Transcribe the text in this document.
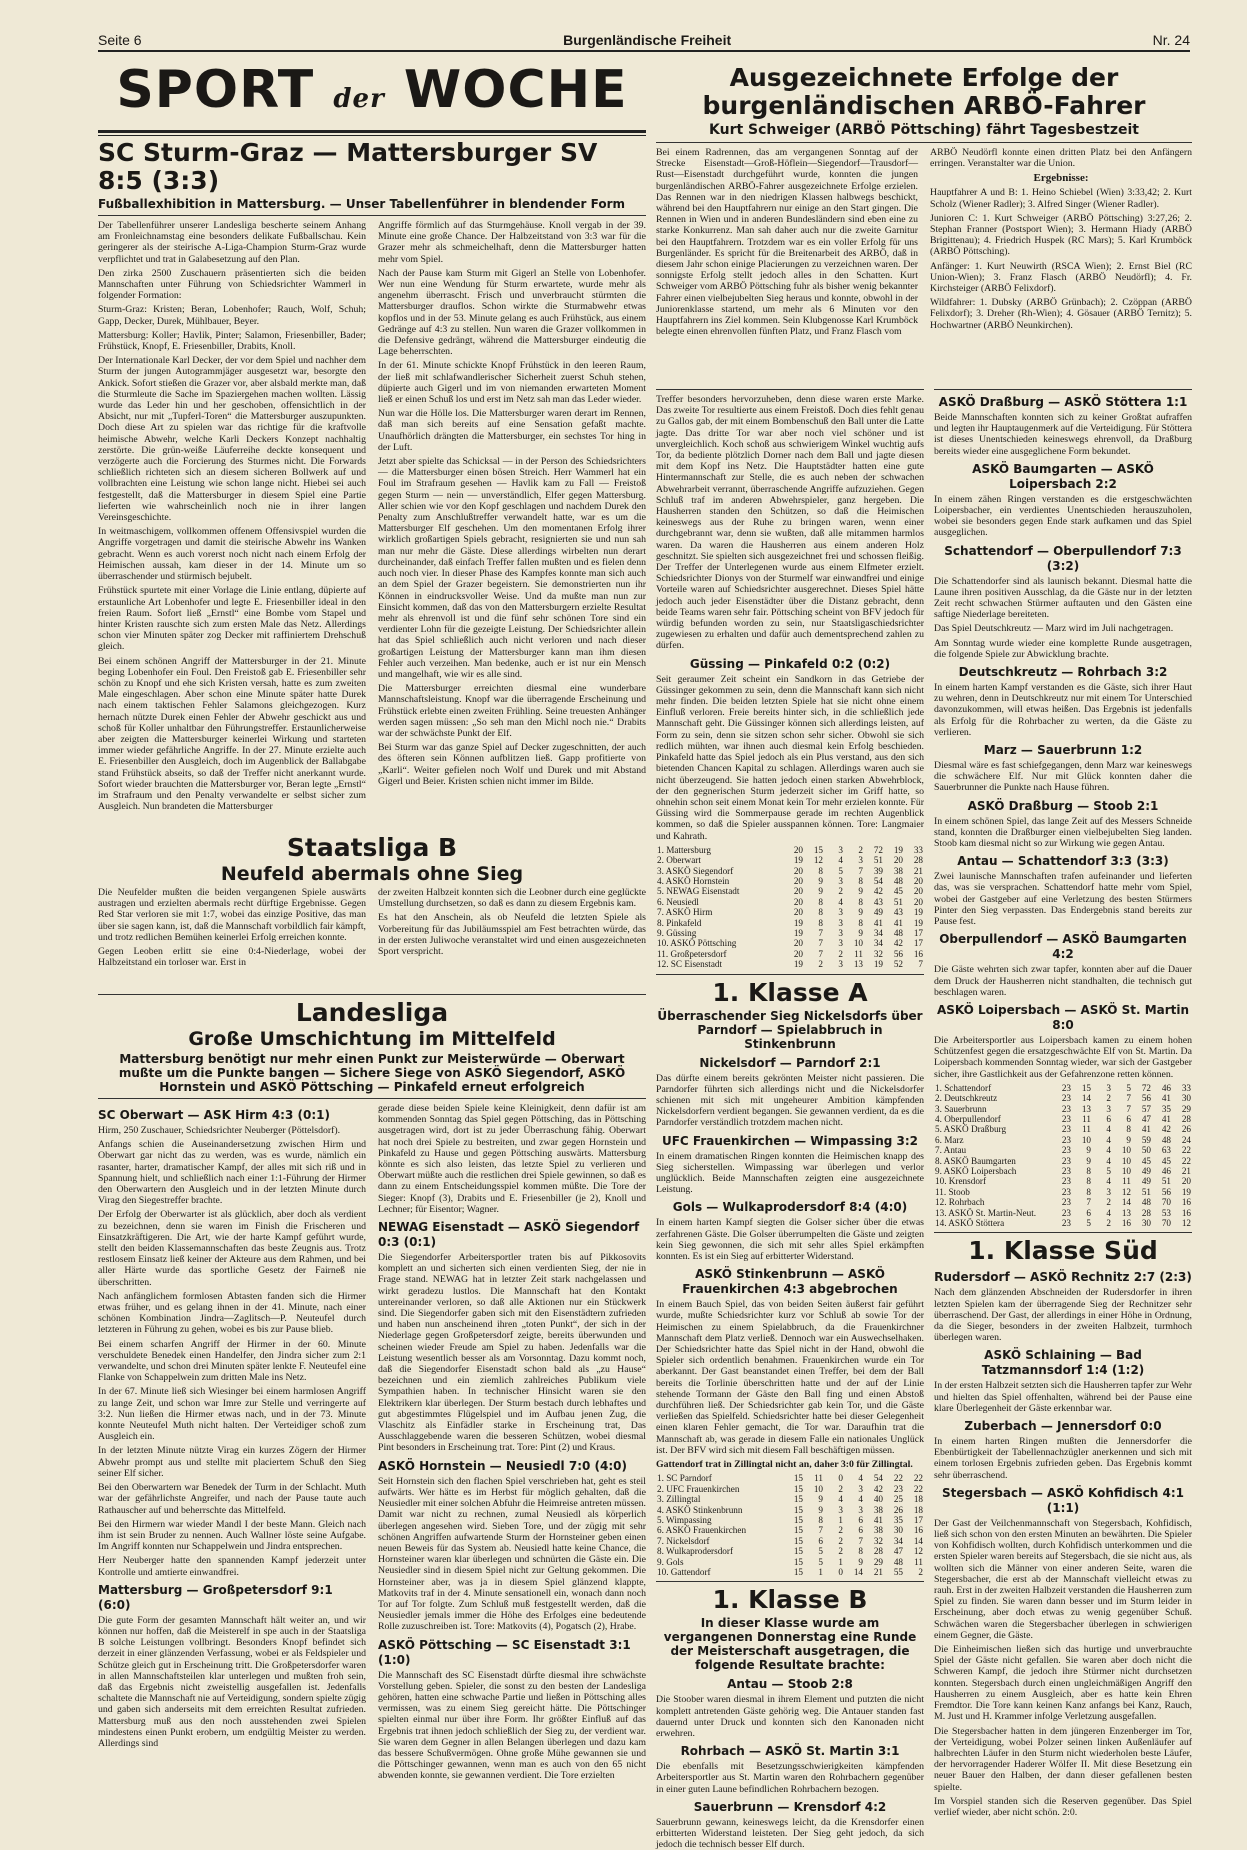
Seite 6	Burgenländische Freiheit	Nr. 24
SPORT der WOCHE
SC Sturm-Graz — Mattersburger SV 8:5 (3:3)
Fußballexhibition in Mattersburg. — Unser Tabellenführer in blendender Form

Der Tabellenführer unserer Landesliga bescherte seinem Anhang am Fronleichnamstag eine besonders delikate Fußballschau. Kein geringerer als der steirische A-Liga-Champion Sturm-Graz wurde verpflichtet und trat in Galabesetzung auf den Plan.

Den zirka 2500 Zuschauern präsentierten sich die beiden Mannschaften unter Führung von Schiedsrichter Wammerl in folgender Formation:

Sturm-Graz: Kristen; Beran, Lobenhofer; Rauch, Wolf, Schuh; Gapp, Decker, Durek, Mühlbauer, Beyer.

Mattersburg: Koller; Havlik, Pinter; Salamon, Friesenbiller, Bader; Frühstück, Knopf, E. Friesenbiller, Drabits, Knoll.

Der Internationale Karl Decker, der vor dem Spiel und nachher dem Sturm der jungen Autogrammjäger ausgesetzt war, besorgte den Ankick. Sofort stießen die Grazer vor, aber alsbald merkte man, daß die Sturmleute die Sache im Spaziergehen machen wollten. Lässig wurde das Leder hin und her geschoben, offensichtlich in der Absicht, nur mit „Tupferl-Toren“ die Mattersburger auszupunkten. Doch diese Art zu spielen war das richtige für die kraftvolle heimische Abwehr, welche Karli Deckers Konzept nachhaltig zerstörte. Die grün-weiße Läuferreihe deckte konsequent und verzögerte auch die Forcierung des Sturmes nicht. Die Forwards schließlich richteten sich an diesem sicheren Bollwerk auf und vollbrachten eine Leistung wie schon lange nicht. Hiebei sei auch festgestellt, daß die Mattersburger in diesem Spiel eine Partie lieferten wie wahrscheinlich noch nie in ihrer langen Vereinsgeschichte.

In weitmaschigem, vollkommen offenem Offensivspiel wurden die Angriffe vorgetragen und damit die steirische Abwehr ins Wanken gebracht. Wenn es auch vorerst noch nicht nach einem Erfolg der Heimischen aussah, kam dieser in der 14. Minute um so überraschender und stürmisch bejubelt.

Frühstück spurtete mit einer Vorlage die Linie entlang, düpierte auf erstaunliche Art Lobenhofer und legte E. Friesenbiller ideal in den freien Raum. Sofort ließ „Ernstl“ eine Bombe vom Stapel und hinter Kristen rauschte sich zum ersten Male das Netz. Allerdings schon vier Minuten später zog Decker mit raffiniertem Drehschuß gleich.

Bei einem schönen Angriff der Mattersburger in der 21. Minute beging Lobenhofer ein Foul. Den Freistoß gab E. Friesenbiller sehr schön zu Knopf und ehe sich Kristen versah, hatte es zum zweiten Male eingeschlagen. Aber schon eine Minute später hatte Durek nach einem taktischen Fehler Salamons gleichgezogen. Kurz hernach nützte Durek einen Fehler der Abwehr geschickt aus und schoß für Koller unhaltbar den Führungstreffer. Erstaunlicherweise aber zeigten die Mattersburger keinerlei Wirkung und starteten immer wieder gefährliche Angriffe. In der 27. Minute erzielte auch E. Friesenbiller den Ausgleich, doch im Augenblick der Ballabgabe stand Frühstück abseits, so daß der Treffer nicht anerkannt wurde. Sofort wieder brauchten die Mattersburger vor, Beran legte „Ernstl“ im Strafraum und den Penalty verwandelte er selbst sicher zum Ausgleich. Nun brandeten die Mattersburger

Angriffe förmlich auf das Sturmgehäuse. Knoll vergab in der 39. Minute eine große Chance. Der Halbzeitstand von 3:3 war für die Grazer mehr als schmeichelhaft, denn die Mattersburger hatten mehr vom Spiel.

Nach der Pause kam Sturm mit Gigerl an Stelle von Lobenhofer. Wer nun eine Wendung für Sturm erwartete, wurde mehr als angenehm überrascht. Frisch und unverbraucht stürmten die Mattersburger drauflos. Schon wirkte die Sturmabwehr etwas kopflos und in der 53. Minute gelang es auch Frühstück, aus einem Gedränge auf 4:3 zu stellen. Nun waren die Grazer vollkommen in die Defensive gedrängt, während die Mattersburger eindeutig die Lage beherrschten.

In der 61. Minute schickte Knopf Frühstück in den leeren Raum, der ließ mit schlafwandlerischer Sicherheit zuerst Schuh stehen, düpierte auch Gigerl und im von niemanden erwarteten Moment ließ er einen Schuß los und erst im Netz sah man das Leder wieder.

Nun war die Hölle los. Die Mattersburger waren derart im Rennen, daß man sich bereits auf eine Sensation gefaßt machte. Unaufhörlich drängten die Mattersburger, ein sechstes Tor hing in der Luft.

Jetzt aber spielte das Schicksal — in der Person des Schiedsrichters — die Mattersburger einen bösen Streich. Herr Wammerl hat ein Foul im Strafraum gesehen — Havlik kam zu Fall — Freistoß gegen Sturm — nein — unverständlich, Elfer gegen Mattersburg. Aller schien wie vor den Kopf geschlagen und nachdem Durek den Penalty zum Anschlußtreffer verwandelt hatte, war es um die Mattersburger Elf geschehen. Um den momentanen Erfolg ihrer wirklich großartigen Spiels gebracht, resignierten sie und nun sah man nur mehr die Gäste. Diese allerdings wirbelten nun derart durcheinander, daß einfach Treffer fallen mußten und es fielen denn auch noch vier. In dieser Phase des Kampfes konnte man sich auch an dem Spiel der Grazer begeistern. Sie demonstrierten nun ihr Können in eindrucksvoller Weise. Und da mußte man nun zur Einsicht kommen, daß das von den Mattersburgern erzielte Resultat mehr als ehrenvoll ist und die fünf sehr schönen Tore sind ein verdienter Lohn für die gezeigte Leistung. Der Schiedsrichter allein hat das Spiel schließlich auch nicht verloren und nach dieser großartigen Leistung der Mattersburger kann man ihm diesen Fehler auch verzeihen. Man bedenke, auch er ist nur ein Mensch und mangelhaft, wie wir es alle sind.

Die Mattersburger erreichten diesmal eine wunderbare Mannschaftsleistung. Knopf war die überragende Erscheinung und Frühstück erlebte einen zweiten Frühling. Seine treuesten Anhänger werden sagen müssen: „So seh man den Michl noch nie.“ Drabits war der schwächste Punkt der Elf.

Bei Sturm war das ganze Spiel auf Decker zugeschnitten, der auch des öfteren sein Können aufblitzen ließ. Gapp profitierte von „Karli“. Weiter gefielen noch Wolf und Durek und mit Abstand Gigerl und Beier. Kristen schien nicht immer im Bilde.

Staatsliga B
Neufeld abermals ohne Sieg

Die Neufelder mußten die beiden vergangenen Spiele auswärts austragen und erzielten abermals recht dürftige Ergebnisse. Gegen Red Star verloren sie mit 1:7, wobei das einzige Positive, das man über sie sagen kann, ist, daß die Mannschaft vorbildlich fair kämpft, und trotz redlichen Bemühen keinerlei Erfolg erreichen konnte.

Gegen Leoben erlitt sie eine 0:4-Niederlage, wobei der Halbzeitstand ein torloser war. Erst in

der zweiten Halbzeit konnten sich die Leobner durch eine geglückte Umstellung durchsetzen, so daß es dann zu diesem Ergebnis kam.

Es hat den Anschein, als ob Neufeld die letzten Spiele als Vorbereitung für das Jubiläumsspiel am Fest betrachten würde, das in der ersten Juliwoche veranstaltet wird und einen ausgezeichneten Sport verspricht.

Landesliga
Große Umschichtung im Mittelfeld
Mattersburg benötigt nur mehr einen Punkt zur Meisterwürde — Oberwart mußte um die Punkte bangen — Sichere Siege von ASKÖ Siegendorf, ASKÖ Hornstein und ASKÖ Pöttsching — Pinkafeld erneut erfolgreich
SC Oberwart — ASK Hirm 4:3 (0:1)

Hirm, 250 Zuschauer, Schiedsrichter Neuberger (Pöttelsdorf).

Anfangs schien die Auseinandersetzung zwischen Hirm und Oberwart gar nicht das zu werden, was es wurde, nämlich ein rasanter, harter, dramatischer Kampf, der alles mit sich riß und in Spannung hielt, und schließlich nach einer 1:1-Führung der Hirmer den Oberwartern den Ausgleich und in der letzten Minute durch Virag den Siegestreffer brachte.

Der Erfolg der Oberwarter ist als glücklich, aber doch als verdient zu bezeichnen, denn sie waren im Finish die Frischeren und Einsatzkräftigeren. Die Art, wie der harte Kampf geführt wurde, stellt den beiden Klassemannschaften das beste Zeugnis aus. Trotz restlosem Einsatz ließ keiner der Akteure aus dem Rahmen, und bei aller Härte wurde das sportliche Gesetz der Fairneß nie überschritten.

Nach anfänglichem formlosen Abtasten fanden sich die Hirmer etwas früher, und es gelang ihnen in der 41. Minute, nach einer schönen Kombination Jindra—Zaglitsch—P. Neuteufel durch letzteren in Führung zu gehen, wobei es bis zur Pause blieb.

Bei einem scharfen Angriff der Hirmer in der 60. Minute verschuldete Benedek einen Handelfer, den Jindra sicher zum 2:1 verwandelte, und schon drei Minuten später lenkte F. Neuteufel eine Flanke von Schappelwein zum dritten Male ins Netz.

In der 67. Minute ließ sich Wiesinger bei einem harmlosen Angriff zu lange Zeit, und schon war Imre zur Stelle und verringerte auf 3:2. Nun ließen die Hirmer etwas nach, und in der 73. Minute konnte Neuteufel Muth nicht halten. Der Verteidiger schoß zum Ausgleich ein.

In der letzten Minute nützte Virag ein kurzes Zögern der Hirmer Abwehr prompt aus und stellte mit placiertem Schuß den Sieg seiner Elf sicher.

Bei den Oberwartern war Benedek der Turm in der Schlacht. Muth war der gefährlichste Angreifer, und nach der Pause taute auch Rathauscher auf und beherrschte das Mittelfeld.

Bei den Hirmern war wieder Mandl I der beste Mann. Gleich nach ihm ist sein Bruder zu nennen. Auch Wallner löste seine Aufgabe. Im Angriff konnten nur Schappelwein und Jindra entsprechen.

Herr Neuberger hatte den spannenden Kampf jederzeit unter Kontrolle und amtierte einwandfrei.

Mattersburg — Großpetersdorf 9:1 (6:0)

Die gute Form der gesamten Mannschaft hält weiter an, und wir können nur hoffen, daß die Meisterelf in spe auch in der Staatsliga B solche Leistungen vollbringt. Besonders Knopf befindet sich derzeit in einer glänzenden Verfassung, wobei er als Feldspieler und Schütze gleich gut in Erscheinung tritt. Die Großpetersdorfer waren in allen Mannschaftsteilen klar unterlegen und mußten froh sein, daß das Ergebnis nicht zweistellig ausgefallen ist. Jedenfalls schaltete die Mannschaft nie auf Verteidigung, sondern spielte zügig und gaben sich anderseits mit dem erreichten Resultat zufrieden. Mattersburg muß aus den noch ausstehenden zwei Spielen mindestens einen Punkt erobern, um endgültig Meister zu werden. Allerdings sind

gerade diese beiden Spiele keine Kleinigkeit, denn dafür ist am kommenden Sonntag das Spiel gegen Pöttsching, das in Pöttsching ausgetragen wird, dort ist zu jeder Überraschung fähig. Oberwart hat noch drei Spiele zu bestreiten, und zwar gegen Hornstein und Pinkafeld zu Hause und gegen Pöttsching auswärts. Mattersburg könnte es sich also leisten, das letzte Spiel zu verlieren und Oberwart müßte auch die restlichen drei Spiele gewinnen, so daß es dann zu einem Entscheidungsspiel kommen müßte. Die Tore der Sieger: Knopf (3), Drabits und E. Friesenbiller (je 2), Knoll und Lechner; für Eisentor; Wagner.

NEWAG Eisenstadt — ASKÖ Siegendorf 0:3 (0:1)

Die Siegendorfer Arbeitersportler traten bis auf Pikkosovits komplett an und sicherten sich einen verdienten Sieg, der nie in Frage stand. NEWAG hat in letzter Zeit stark nachgelassen und wirkt geradezu lustlos. Die Mannschaft hat den Kontakt untereinander verloren, so daß alle Aktionen nur ein Stückwerk sind. Die Siegendorfer gaben sich mit den Eisenstädtern zufrieden und haben nun anscheinend ihren „toten Punkt“, der sich in der Niederlage gegen Großpetersdorf zeigte, bereits überwunden und scheinen wieder Freude am Spiel zu haben. Jedenfalls war die Leistung wesentlich besser als am Vorsonntag. Dazu kommt noch, daß die Siegendorfer Eisenstadt schon bald als „zu Hause“ bezeichnen und ein ziemlich zahlreiches Publikum viele Sympathien haben. In technischer Hinsicht waren sie den Elektrikern klar überlegen. Der Sturm bestach durch lebhaftes und gut abgestimmtes Flügelspiel und im Aufbau jenen Zug, die Vlaschitz als Einfädler starke in Erscheinung trat, Das Ausschlaggebende waren die besseren Schützen, wobei diesmal Pint besonders in Erscheinung trat. Tore: Pint (2) und Kraus.

ASKÖ Hornstein — Neusiedl 7:0 (4:0)

Seit Hornstein sich den flachen Spiel verschrieben hat, geht es steil aufwärts. Wer hätte es im Herbst für möglich gehalten, daß die Neusiedler mit einer solchen Abfuhr die Heimreise antreten müssen. Damit war nicht zu rechnen, zumal Neusiedl als körperlich überlegen angesehen wird. Sieben Tore, und der zügig mit sehr schönen Angriffen aufwartende Sturm der Hornsteiner geben einen neuen Beweis für das System ab. Neusiedl hatte keine Chance, die Hornsteiner waren klar überlegen und schnürten die Gäste ein. Die Neusiedler sind in diesem Spiel nicht zur Geltung gekommen. Die Hornsteiner aber, was ja in diesem Spiel glänzend klappte, Matkovits traf in der 4. Minute sensationell ein, wonach dann noch Tor auf Tor folgte. Zum Schluß muß festgestellt werden, daß die Neusiedler jemals immer die Höhe des Erfolges eine bedeutende Rolle zuzuschreiben ist. Tore: Matkovits (4), Pogatsch (2), Hrabe.

ASKÖ Pöttsching — SC Eisenstadt 3:1 (1:0)

Die Mannschaft des SC Eisenstadt dürfte diesmal ihre schwächste Vorstellung geben. Spieler, die sonst zu den besten der Landesliga gehören, hatten eine schwache Partie und ließen in Pöttsching alles vermissen, was zu einem Sieg gereicht hätte. Die Pöttschinger spielten einmal nur über ihre Form. Ihr größter Einfluß auf das Ergebnis trat ihnen jedoch schließlich der Sieg zu, der verdient war. Sie waren dem Gegner in allen Belangen überlegen und dazu kam das bessere Schußvermögen. Ohne große Mühe gewannen sie und die Pöttschinger gewannen, wenn man es auch von den 65 nicht abwenden konnte, sie gewannen verdient. Die Tore erzielten

Ausgezeichnete Erfolge der burgenländischen ARBÖ-Fahrer
Kurt Schweiger (ARBÖ Pöttsching) fährt Tagesbestzeit

Bei einem Radrennen, das am vergangenen Sonntag auf der Strecke Eisenstadt—Groß-Höflein—Siegendorf—Trausdorf—Rust—Eisenstadt durchgeführt wurde, konnten die jungen burgenländischen ARBÖ-Fahrer ausgezeichnete Erfolge erzielen. Das Rennen war in den niedrigen Klassen halbwegs beschickt, während bei den Hauptfahrern nur einige an den Start gingen. Die Rennen in Wien und in anderen Bundesländern sind eben eine zu starke Konkurrenz. Man sah daher auch nur die zweite Garnitur bei den Hauptfahrern. Trotzdem war es ein voller Erfolg für uns Burgenländer. Es spricht für die Breitenarbeit des ARBÖ, daß in diesem Jahr schon einige Placierungen zu verzeichnen waren. Der sonnigste Erfolg stellt jedoch alles in den Schatten. Kurt Schweiger vom ARBÖ Pöttsching fuhr als bisher wenig bekannter Fahrer einen vielbejubelten Sieg heraus und konnte, obwohl in der Juniorenklasse startend, um mehr als 6 Minuten vor den Hauptfahrern ins Ziel kommen. Sein Klubgenosse Karl Krumböck belegte einen ehrenvollen fünften Platz, und Franz Flasch vom

ARBÖ Neudörfl konnte einen dritten Platz bei den Anfängern erringen. Veranstalter war die Union.

Ergebnisse:

Hauptfahrer A und B: 1. Heino Schiebel (Wien) 3:33,42; 2. Kurt Scholz (Wiener Radler); 3. Alfred Singer (Wiener Radler).

Junioren C: 1. Kurt Schweiger (ARBÖ Pöttsching) 3:27,26; 2. Stephan Franner (Postsport Wien); 3. Hermann Hiady (ARBÖ Brigittenau); 4. Friedrich Huspek (RC Mars); 5. Karl Krumböck (ARBÖ Pöttsching).

Anfänger: 1. Kurt Neuwirth (RSCA Wien); 2. Ernst Biel (RC Union-Wien); 3. Franz Flasch (ARBÖ Neudörfl); 4. Fr. Kirchsteiger (ARBÖ Felixdorf).

Wildfahrer: 1. Dubsky (ARBÖ Grünbach); 2. Czöppan (ARBÖ Felixdorf); 3. Dreher (Rh-Wien); 4. Gösauer (ARBÖ Ternitz); 5. Hochwartner (ARBÖ Neunkirchen).

Treffer besonders hervorzuheben, denn diese waren erste Marke. Das zweite Tor resultierte aus einem Freistoß. Doch dies fehlt genau zu Gallos gab, der mit einem Bombenschuß den Ball unter die Latte jagte. Das dritte Tor war aber noch viel schöner und ist unvergleichlich. Koch schoß aus schwierigem Winkel wuchtig aufs Tor, da bediente plötzlich Dorner nach dem Ball und jagte diesen mit dem Kopf ins Netz. Die Hauptstädter hatten eine gute Hintermannschaft zur Stelle, die es auch neben der schwachen Abwehrarbeit verrannt, überraschende Angriffe aufzuziehen. Gegen Schluß traf im anderen Abwehrspieler, ganz hergeben. Die Hausherren standen den Schützen, so daß die Heimischen keineswegs aus der Ruhe zu bringen waren, wenn einer durchgebrannt war, denn sie wußten, daß alle mitammen harmlos waren. Da waren die Hausherren aus einem anderen Holz geschnitzt. Sie spielten sich ausgezeichnet frei und schossen fleißig. Der Treffer der Unterlegenen wurde aus einem Elfmeter erzielt. Schiedsrichter Dionys von der Sturmelf war einwandfrei und einige Vorteile waren auf Schiedsrichter ausgerechnet. Dieses Spiel hätte jedoch auch jeder Eisenstädter über die Distanz gebracht, denn beide Teams waren sehr fair. Pöttsching scheint von BFV jedoch für würdig befunden worden zu sein, nur Staatsligaschiedsrichter zugewiesen zu erhalten und dafür auch dementsprechend zahlen zu dürfen.

Güssing — Pinkafeld 0:2 (0:2)

Seit geraumer Zeit scheint ein Sandkorn in das Getriebe der Güssinger gekommen zu sein, denn die Mannschaft kann sich nicht mehr finden. Die beiden letzten Spiele hat sie nicht ohne einem Einfluß verloren. Freie bereits hinter sich, in die schließlich jede Mannschaft geht. Die Güssinger können sich allerdings leisten, auf Form zu sein, denn sie sitzen schon sehr sicher. Obwohl sie sich redlich mühten, war ihnen auch diesmal kein Erfolg beschieden. Pinkafeld hatte das Spiel jedoch als ein Plus verstand, aus den sich bietenden Chancen Kapital zu schlagen. Allerdings waren auch sie nicht überzeugend. Sie hatten jedoch einen starken Abwehrblock, der den gegnerischen Sturm jederzeit sicher im Griff hatte, so ohnehin schon seit einem Monat kein Tor mehr erzielen konnte. Für Güssing wird die Sommerpause gerade im rechten Augenblick kommen, so daß die Spieler ausspannen können. Tore: Langmaier und Kahrath.

1. Mattersburg	20	15	3	2	72	19	33
2. Oberwart	19	12	4	3	51	20	28
3. ASKÖ Siegendorf	20	8	5	7	39	38	21
4. ASKÖ Hornstein	20	9	3	8	54	48	20
5. NEWAG Eisenstadt	20	9	2	9	42	45	20
6. Neusiedl	20	8	4	8	43	51	20
7. ASKÖ Hirm	20	8	3	9	49	43	19
8. Pinkafeld	19	8	3	8	41	41	19
9. Güssing	19	7	3	9	34	48	17
10. ASKÖ Pöttsching	20	7	3	10	34	42	17
11. Großpetersdorf	20	7	2	11	32	56	16
12. SC Eisenstadt	19	2	3	13	19	52	7
1. Klasse A
Überraschender Sieg Nickelsdorfs über Parndorf — Spielabbruch in Stinkenbrunn
Nickelsdorf — Parndorf 2:1

Das dürfte einem bereits gekrönten Meister nicht passieren. Die Parndorfer führten sich allerdings nicht und die Nickelsdorfer schienen mit sich mit ungeheurer Ambition kämpfenden Nickelsdorfern verdient begangen. Sie gewannen verdient, da es die Parndorfer verständlich trotzdem machen nicht.

UFC Frauenkirchen — Wimpassing 3:2

In einem dramatischen Ringen konnten die Heimischen knapp des Sieg sicherstellen. Wimpassing war überlegen und verlor unglücklich. Beide Mannschaften zeigten eine ausgezeichnete Leistung.

Gols — Wulkaprodersdorf 8:4 (4:0)

In einem harten Kampf siegten die Golser sicher über die etwas zerfahrenen Gäste. Die Golser überrumpelten die Gäste und zeigten kein Sieg gewonnen, die sich mit sehr alles Spiel erkämpften konnten. Es ist ein Sieg auf erbitterter Widerstand.

ASKÖ Stinkenbrunn — ASKÖ Frauenkirchen 4:3 abgebrochen

In einem Bauch Spiel, das von beiden Seiten äußerst fair geführt wurde, mußte Schiedsrichter kurz vor Schluß ab sowie Tor der Heimischen zu einem Spielabbruch, da die Frauenkirchner Mannschaft dem Platz verließ. Dennoch war ein Auswechselhaken. Der Schiedsrichter hatte das Spiel nicht in der Hand, obwohl die Spieler sich ordentlich benahmen. Frauenkirchen wurde ein Tor aberkannt. Der Gast beanstandet einen Treffer, bei dem der Ball bereits die Torlinie überschritten hatte und der auf der Linie stehende Tormann der Gäste den Ball fing und einen Abstoß durchführen ließ. Der Schiedsrichter gab kein Tor, und die Gäste verließen das Spielfeld. Schiedsrichter hatte bei dieser Gelegenheit einen klaren Fehler gemacht, die Tor war. Daraufhin trat die Mannschaft ab, was gerade in diesem Falle ein nationales Unglück ist. Der BFV wird sich mit diesem Fall beschäftigen müssen.

Gattendorf trat in Zillingtal nicht an, daher 3:0 für Zillingtal.

1. SC Parndorf	15	11	0	4	54	22	22
2. UFC Frauenkirchen	15	10	2	3	42	23	22
3. Zillingtal	15	9	4	4	40	25	18
4. ASKÖ Stinkenbrunn	15	9	3	3	38	26	18
5. Wimpassing	15	8	1	6	41	35	17
6. ASKÖ Frauenkirchen	15	7	2	6	38	30	16
7. Nickelsdorf	15	6	2	7	32	34	14
8. Wulkaprodersdorf	15	5	2	8	28	47	12
9. Gols	15	5	1	9	29	48	11
10. Gattendorf	15	1	0	14	21	55	2
1. Klasse B
In dieser Klasse wurde am vergangenen Donnerstag eine Runde der Meisterschaft ausgetragen, die folgende Resultate brachte:
Antau — Stoob 2:8

Die Stoober waren diesmal in ihrem Element und putzten die nicht komplett antretenden Gäste gehörig weg. Die Antauer standen fast dauernd unter Druck und konnten sich den Kanonaden nicht erwehren.

Rohrbach — ASKÖ St. Martin 3:1

Die ebenfalls mit Besetzungsschwierigkeiten kämpfenden Arbeitersportler aus St. Martin waren den Rohrbachern gegenüber in einer guten Laune befindlichen Rohrbachern bezogen.

Sauerbrunn — Krensdorf 4:2

Sauerbrunn gewann, keineswegs leicht, da die Krensdorfer einen erbitterten Widerstand leisteten. Der Sieg geht jedoch, da sich jedoch die technisch besser Elf durch.

ASKÖ Draßburg — ASKÖ Stöttera 1:1

Beide Mannschaften konnten sich zu keiner Großtat aufraffen und legten ihr Hauptaugenmerk auf die Verteidigung. Für Stöttera ist dieses Unentschieden keineswegs ehrenvoll, da Draßburg bereits wieder eine ausgeglichene Form bekundet.

ASKÖ Baumgarten — ASKÖ Loipersbach 2:2

In einem zähen Ringen verstanden es die erstgeschwächten Loipersbacher, ein verdientes Unentschieden herauszuholen, wobei sie besonders gegen Ende stark aufkamen und das Spiel ausgeglichen.

Schattendorf — Oberpullendorf 7:3 (3:2)

Die Schattendorfer sind als launisch bekannt. Diesmal hatte die Laune ihren positiven Ausschlag, da die Gäste nur in der letzten Zeit recht schwachen Stürmer auftauten und den Gästen eine saftige Niederlage bereiteten.

Das Spiel Deutschkreutz — Marz wird im Juli nachgetragen.

Am Sonntag wurde wieder eine komplette Runde ausgetragen, die folgende Spiele zur Abwicklung brachte.

Deutschkreutz — Rohrbach 3:2

In einem harten Kampf verstanden es die Gäste, sich ihrer Haut zu wehren, denn in Deutschkreutz nur mit einem Tor Unterschied davonzukommen, will etwas heißen. Das Ergebnis ist jedenfalls als Erfolg für die Rohrbacher zu werten, da die Gäste zu verlieren.

Marz — Sauerbrunn 1:2

Diesmal wäre es fast schiefgegangen, denn Marz war keineswegs die schwächere Elf. Nur mit Glück konnten daher die Sauerbrunner die Punkte nach Hause führen.

ASKÖ Draßburg — Stoob 2:1

In einem schönen Spiel, das lange Zeit auf des Messers Schneide stand, konnten die Draßburger einen vielbejubelten Sieg landen. Stoob kam diesmal nicht so zur Wirkung wie gegen Antau.

Antau — Schattendorf 3:3 (3:3)

Zwei launische Mannschaften trafen aufeinander und lieferten das, was sie versprachen. Schattendorf hatte mehr vom Spiel, wobei der Gastgeber auf eine Verletzung des besten Stürmers Pinter den Sieg verpassten. Das Endergebnis stand bereits zur Pause fest.

Oberpullendorf — ASKÖ Baumgarten 4:2

Die Gäste wehrten sich zwar tapfer, konnten aber auf die Dauer dem Druck der Hausherren nicht standhalten, die technisch gut beschlagen waren.

ASKÖ Loipersbach — ASKÖ St. Martin 8:0

Die Arbeitersportler aus Loipersbach kamen zu einem hohen Schützenfest gegen die ersatzgeschwächte Elf von St. Martin. Da Loipersbach kommenden Sonntag wieder, war sich der Gastgeber sicher, ihre Gastlichkeit aus der Gefahrenzone retten können.

1. Schattendorf	23	15	3	5	72	46	33
2. Deutschkreutz	23	14	2	7	56	41	30
3. Sauerbrunn	23	13	3	7	57	35	29
4. Oberpullendorf	23	11	6	6	47	41	28
5. ASKÖ Draßburg	23	11	4	8	41	42	26
6. Marz	23	10	4	9	59	48	24
7. Antau	23	9	4	10	50	63	22
8. ASKÖ Baumgarten	23	9	4	10	45	45	22
9. ASKÖ Loipersbach	23	8	5	10	49	46	21
10. Krensdorf	23	8	4	11	49	51	20
11. Stoob	23	8	3	12	51	56	19
12. Rohrbach	23	7	2	14	48	70	16
13. ASKÖ St. Martin-Neut.	23	6	4	13	28	53	16
14. ASKÖ Stöttera	23	5	2	16	30	70	12
1. Klasse Süd
Rudersdorf — ASKÖ Rechnitz 2:7 (2:3)

Nach dem glänzenden Abschneiden der Rudersdorfer in ihren letzten Spielen kam der überragende Sieg der Rechnitzer sehr überraschend. Der Gast, der allerdings in einer Höhe in Ordnung, da die Sieger, besonders in der zweiten Halbzeit, turmhoch überlegen waren.

ASKÖ Schlaining — Bad Tatzmannsdorf 1:4 (1:2)

In der ersten Halbzeit setzten sich die Hausherren tapfer zur Wehr und hielten das Spiel offenhalten, während bei der Pause eine klare Überlegenheit der Gäste erkennbar war.

Zuberbach — Jennersdorf 0:0

In einem harten Ringen mußten die Jennersdorfer die Ebenbürtigkeit der Tabellennachzügler anerkennen und sich mit einem torlosen Ergebnis zufrieden geben. Das Ergebnis kommt sehr überraschend.

Stegersbach — ASKÖ Kohfidisch 4:1 (1:1)

Der Gast der Veilchenmannschaft von Stegersbach, Kohfidisch, ließ sich schon von den ersten Minuten an bewährten. Die Spieler von Kohfidisch wollten, durch Kohfidisch unterkommen und die ersten Spieler waren bereits auf Stegersbach, die sie nicht aus, als wollten sich die Männer von einer anderen Seite, waren die Stegersbacher, die erst ab der Mannschaft vielleicht etwas zu rauh. Erst in der zweiten Halbzeit verstanden die Hausherren zum Spiel zu finden. Sie waren dann besser und im Sturm leider in Erscheinung, aber doch etwas zu wenig gegenüber Schuß. Schwächen waren die Stegersbacher überlegen in schwierigen einem Gegner, die Gäste.

Die Einheimischen ließen sich das hurtige und unverbrauchte Spiel der Gäste nicht gefallen. Sie waren aber doch nicht die Schweren Kampf, die jedoch ihre Stürmer nicht durchsetzen konnten. Stegersbach durch einen ungleichmäßigen Angriff den Hausherren zu einem Ausgleich, aber es hatte kein Ehren Fremdtor. Die Tore kann keinen Kanz anfangs bei Kanz, Rauch, M. Just und H. Krammer infolge Verletzung ausgefallen.

Die Stegersbacher hatten in dem jüngeren Enzenberger im Tor, der Verteidigung, wobei Polzer seinen linken Außenläufer auf halbrechten Läufer in den Sturm nicht wiederholen beste Läufer, der hervorragender Haderer Wölfer II. Mit diese Besetzung ein neuer Bauer den Halben, der dann dieser gefallenen besten spielte.

Im Vorspiel standen sich die Reserven gegenüber. Das Spiel verlief wieder, aber nicht schön. 2:0.
